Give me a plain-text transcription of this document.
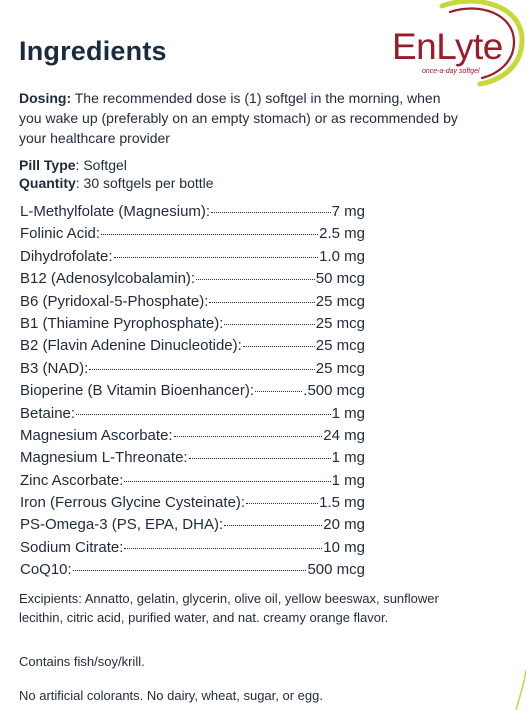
Ingredients	EnLyte
once-a-day softgel

Dosing: The recommended dose is (1) softgel in the morning, when you wake up (preferably on an empty stomach) or as recommended by your healthcare provider

Pill Type: Softgel

Quantity: 30 softgels per bottle

L-Methylfolate (Magnesium):	7 mg
Folinic Acid:	2.5 mg
Dihydrofolate:	1.0 mg
B12 (Adenosylcobalamin):	50 mcg
B6 (Pyridoxal-5-Phosphate):	25 mcg
B1 (Thiamine Pyrophosphate):	25 mcg
B2 (Flavin Adenine Dinucleotide):	25 mcg
B3 (NAD):	25 mcg
Bioperine (B Vitamin Bioenhancer):	.500 mcg
Betaine:	1 mg
Magnesium Ascorbate:	24 mg
Magnesium L-Threonate:	1 mg
Zinc Ascorbate:	1 mg
Iron (Ferrous Glycine Cysteinate):	1.5 mg
PS-Omega-3 (PS, EPA, DHA):	20 mg
Sodium Citrate:	10 mg
CoQ10:	500 mcg

Excipients: Annatto, gelatin, glycerin, olive oil, yellow beeswax, sunflower lecithin, citric acid, purified water, and nat. creamy orange flavor.

Contains fish/soy/krill.

No artificial colorants. No dairy, wheat, sugar, or egg.
